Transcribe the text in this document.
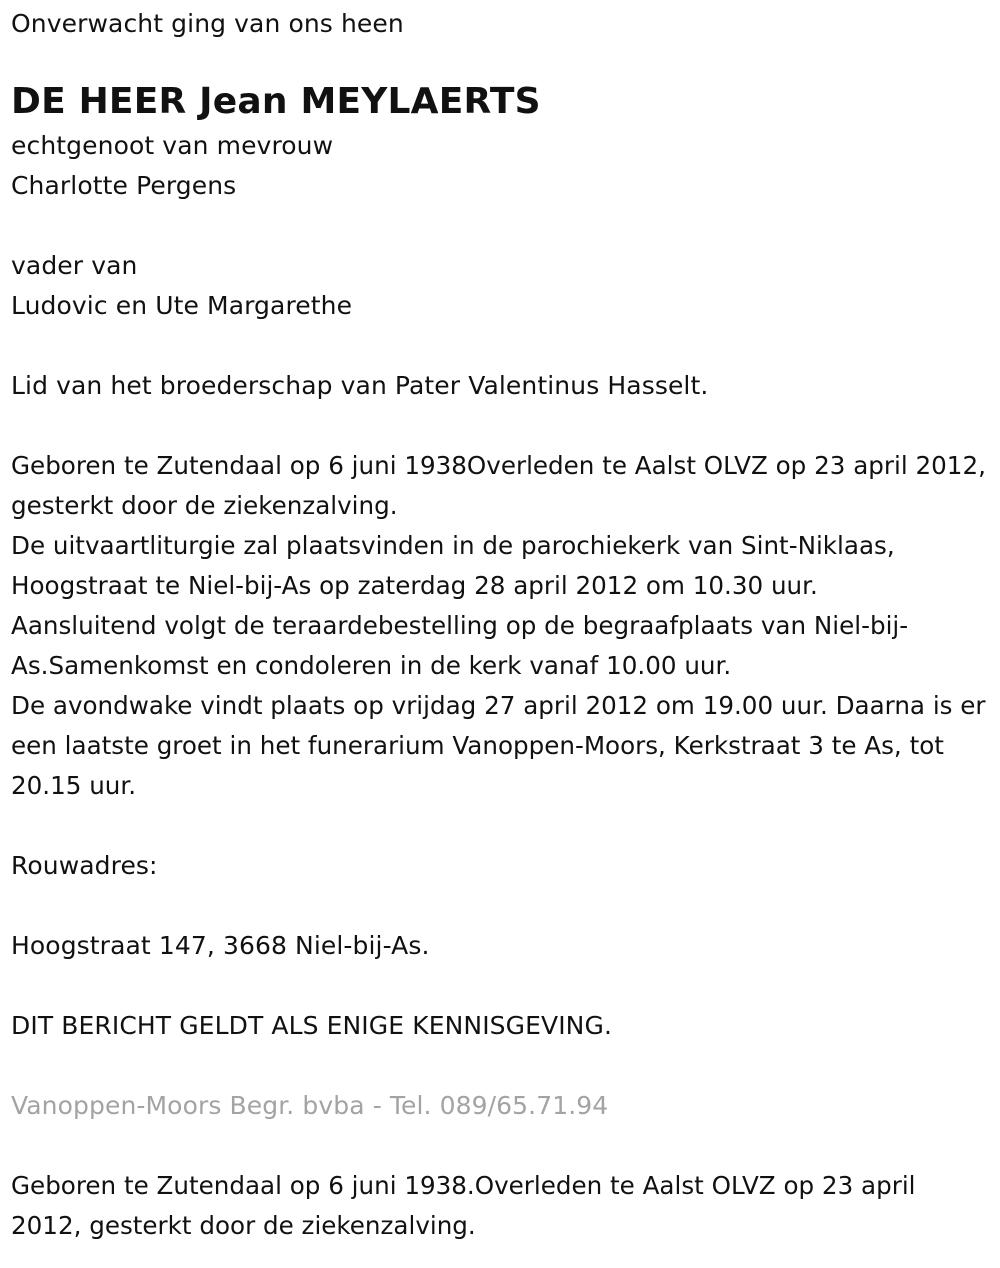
Onverwacht ging van ons heen
DE HEER Jean MEYLAERTS
echtgenoot van mevrouw
Charlotte Pergens
vader van
Ludovic en Ute Margarethe
Lid van het broederschap van Pater Valentinus Hasselt.
Geboren te Zutendaal op 6 juni 1938Overleden te Aalst OLVZ op 23 april 2012, gesterkt door de ziekenzalving.
De uitvaartliturgie zal plaatsvinden in de parochiekerk van Sint-Niklaas, Hoogstraat te Niel-bij-As op zaterdag 28 april 2012 om 10.30 uur.
Aansluitend volgt de teraardebestelling op de begraafplaats van Niel-bij-As.Samenkomst en condoleren in de kerk vanaf 10.00 uur.
De avondwake vindt plaats op vrijdag 27 april 2012 om 19.00 uur. Daarna is er een laatste groet in het funerarium Vanoppen-Moors, Kerkstraat 3 te As, tot 20.15 uur.
Rouwadres:
Hoogstraat 147, 3668 Niel-bij-As.
DIT BERICHT GELDT ALS ENIGE KENNISGEVING.
Vanoppen-Moors Begr. bvba - Tel. 089/65.71.94
Geboren te Zutendaal op 6 juni 1938.Overleden te Aalst OLVZ op 23 april 2012, gesterkt door de ziekenzalving.
